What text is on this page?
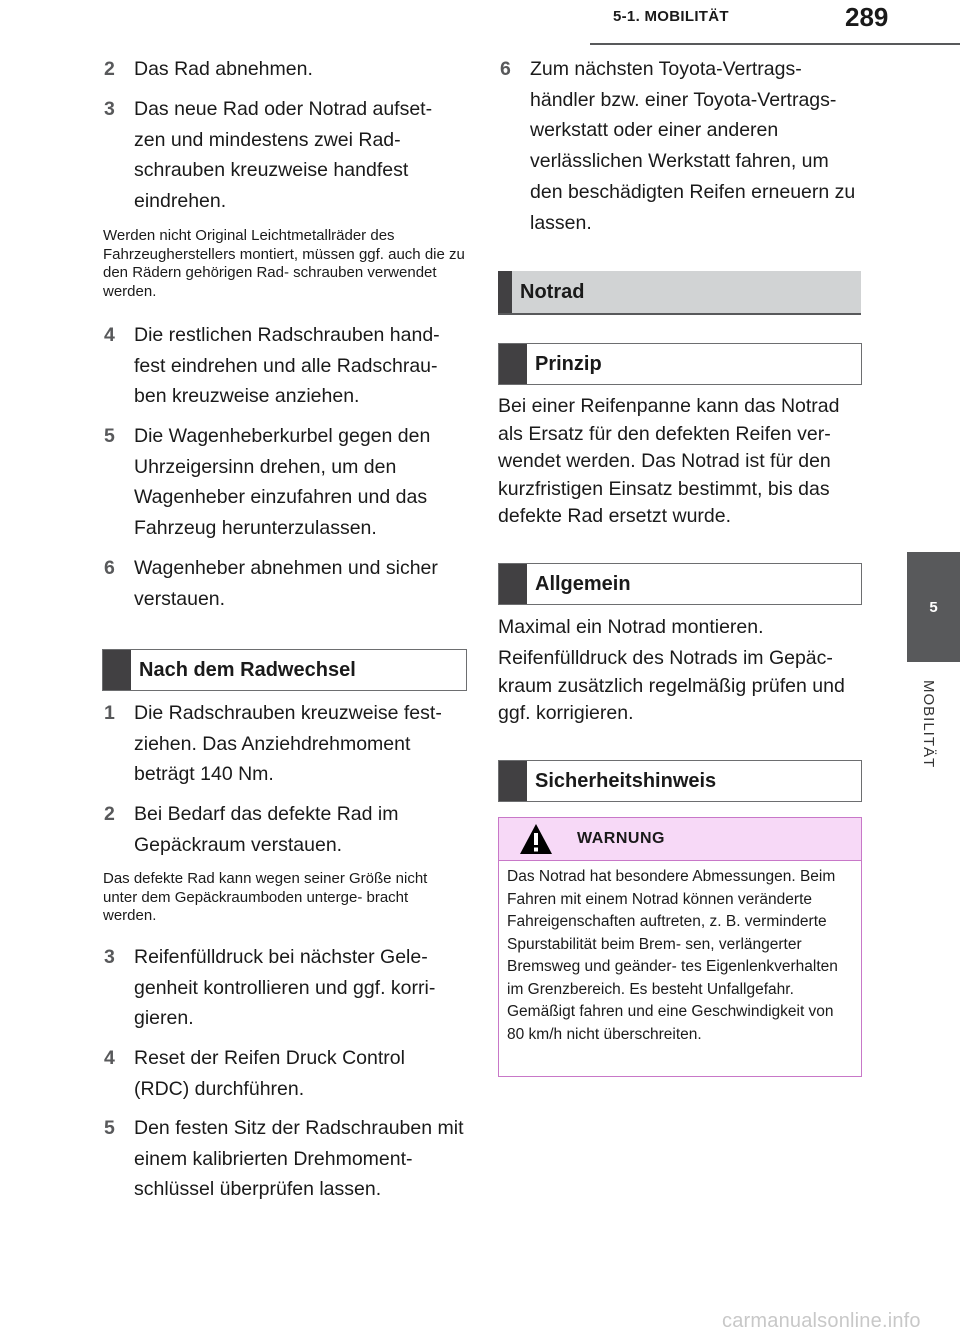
5-1. MOBILITÄT	289
5
MOBILITÄT
2 Das Rad abnehmen.
3 Das neue Rad oder Notrad aufset- zen und mindestens zwei Rad- schrauben kreuzweise handfest eindrehen.
Werden nicht Original Leichtmetallräder des Fahrzeugherstellers montiert, müssen ggf. auch die zu den Rädern gehörigen Rad- schrauben verwendet werden.
4 Die restlichen Radschrauben hand- fest eindrehen und alle Radschrau- ben kreuzweise anziehen.
5 Die Wagenheberkurbel gegen den Uhrzeigersinn drehen, um den Wagenheber einzufahren und das Fahrzeug herunterzulassen.
6 Wagenheber abnehmen und sicher verstauen.
Nach dem Radwechsel
1 Die Radschrauben kreuzweise fest- ziehen. Das Anziehdrehmoment beträgt 140 Nm.
2 Bei Bedarf das defekte Rad im Gepäckraum verstauen.
Das defekte Rad kann wegen seiner Größe nicht unter dem Gepäckraumboden unterge- bracht werden.
3 Reifenfülldruck bei nächster Gele- genheit kontrollieren und ggf. korri- gieren.
4 Reset der Reifen Druck Control (RDC) durchführen.
5 Den festen Sitz der Radschrauben mit einem kalibrierten Drehmoment- schlüssel überprüfen lassen.
6 Zum nächsten Toyota-Vertrags- händler bzw. einer Toyota-Vertrags- werkstatt oder einer anderen verlässlichen Werkstatt fahren, um den beschädigten Reifen erneuern zu lassen.
Notrad
Prinzip
Bei einer Reifenpanne kann das Notrad als Ersatz für den defekten Reifen ver- wendet werden. Das Notrad ist für den kurzfristigen Einsatz bestimmt, bis das defekte Rad ersetzt wurde.
Allgemein
Maximal ein Notrad montieren.
Reifenfülldruck des Notrads im Gepäc- kraum zusätzlich regelmäßig prüfen und ggf. korrigieren.
Sicherheitshinweis
WARNUNG
Das Notrad hat besondere Abmessungen. Beim Fahren mit einem Notrad können veränderte Fahreigenschaften auftreten, z. B. verminderte Spurstabilität beim Brem- sen, verlängerter Bremsweg und geänder- tes Eigenlenkverhalten im Grenzbereich. Es besteht Unfallgefahr. Gemäßigt fahren und eine Geschwindigkeit von 80 km/h nicht überschreiten.
carmanualsonline.info
